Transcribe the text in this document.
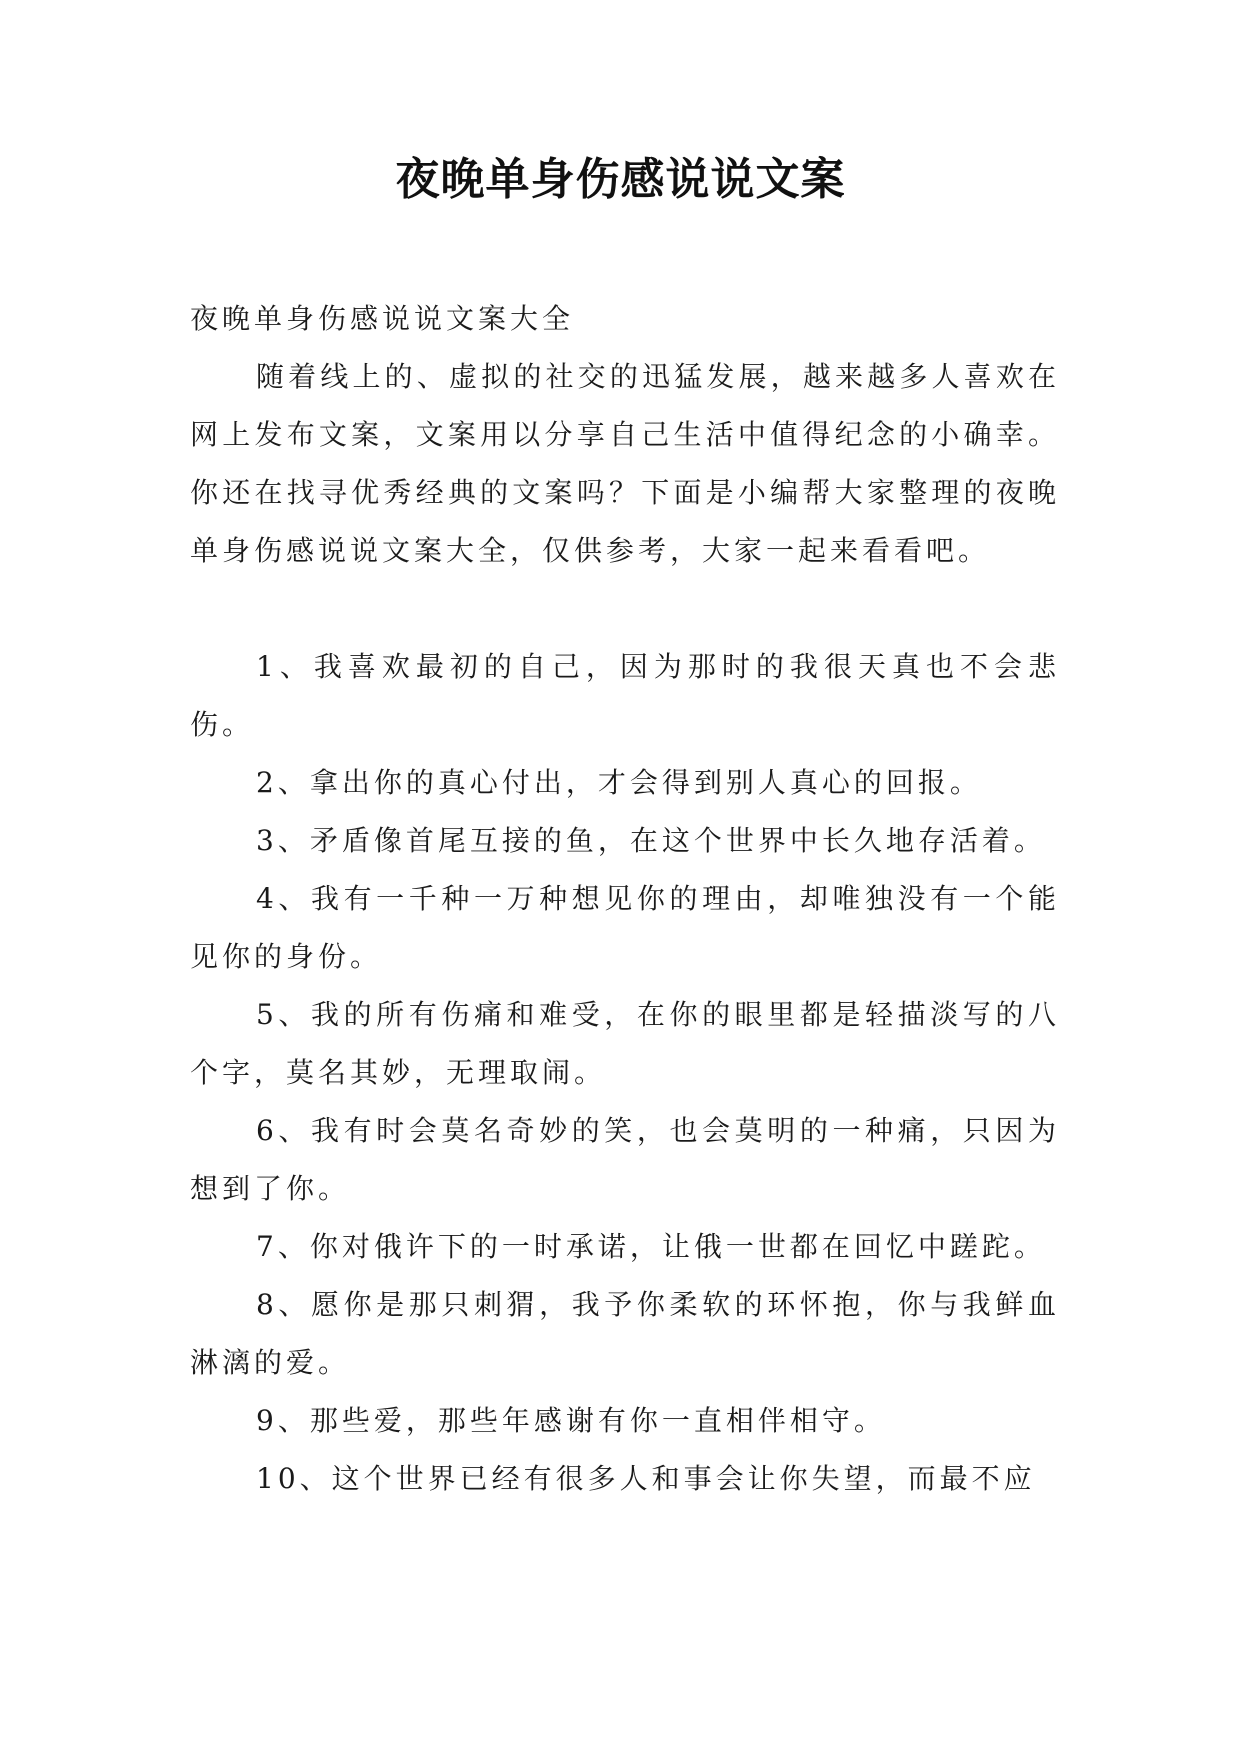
夜晚单身伤感说说文案

夜晚单身伤感说说文案大全

随着线上的、虚拟的社交的迅猛发展，越来越多人喜欢在网上发布文案，文案用以分享自己生活中值得纪念的小确幸。你还在找寻优秀经典的文案吗？下面是小编帮大家整理的夜晚单身伤感说说文案大全，仅供参考，大家一起来看看吧。

1、我喜欢最初的自己，因为那时的我很天真也不会悲伤。

2、拿出你的真心付出，才会得到别人真心的回报。

3、矛盾像首尾互接的鱼，在这个世界中长久地存活着。

4、我有一千种一万种想见你的理由，却唯独没有一个能见你的身份。

5、我的所有伤痛和难受，在你的眼里都是轻描淡写的八个字，莫名其妙，无理取闹。

6、我有时会莫名奇妙的笑，也会莫明的一种痛，只因为想到了你。

7、你对俄许下的一时承诺，让俄一世都在回忆中蹉跎。

8、愿你是那只刺猬，我予你柔软的环怀抱，你与我鲜血淋漓的爱。

9、那些爱，那些年感谢有你一直相伴相守。

10、这个世界已经有很多人和事会让你失望，而最不应
